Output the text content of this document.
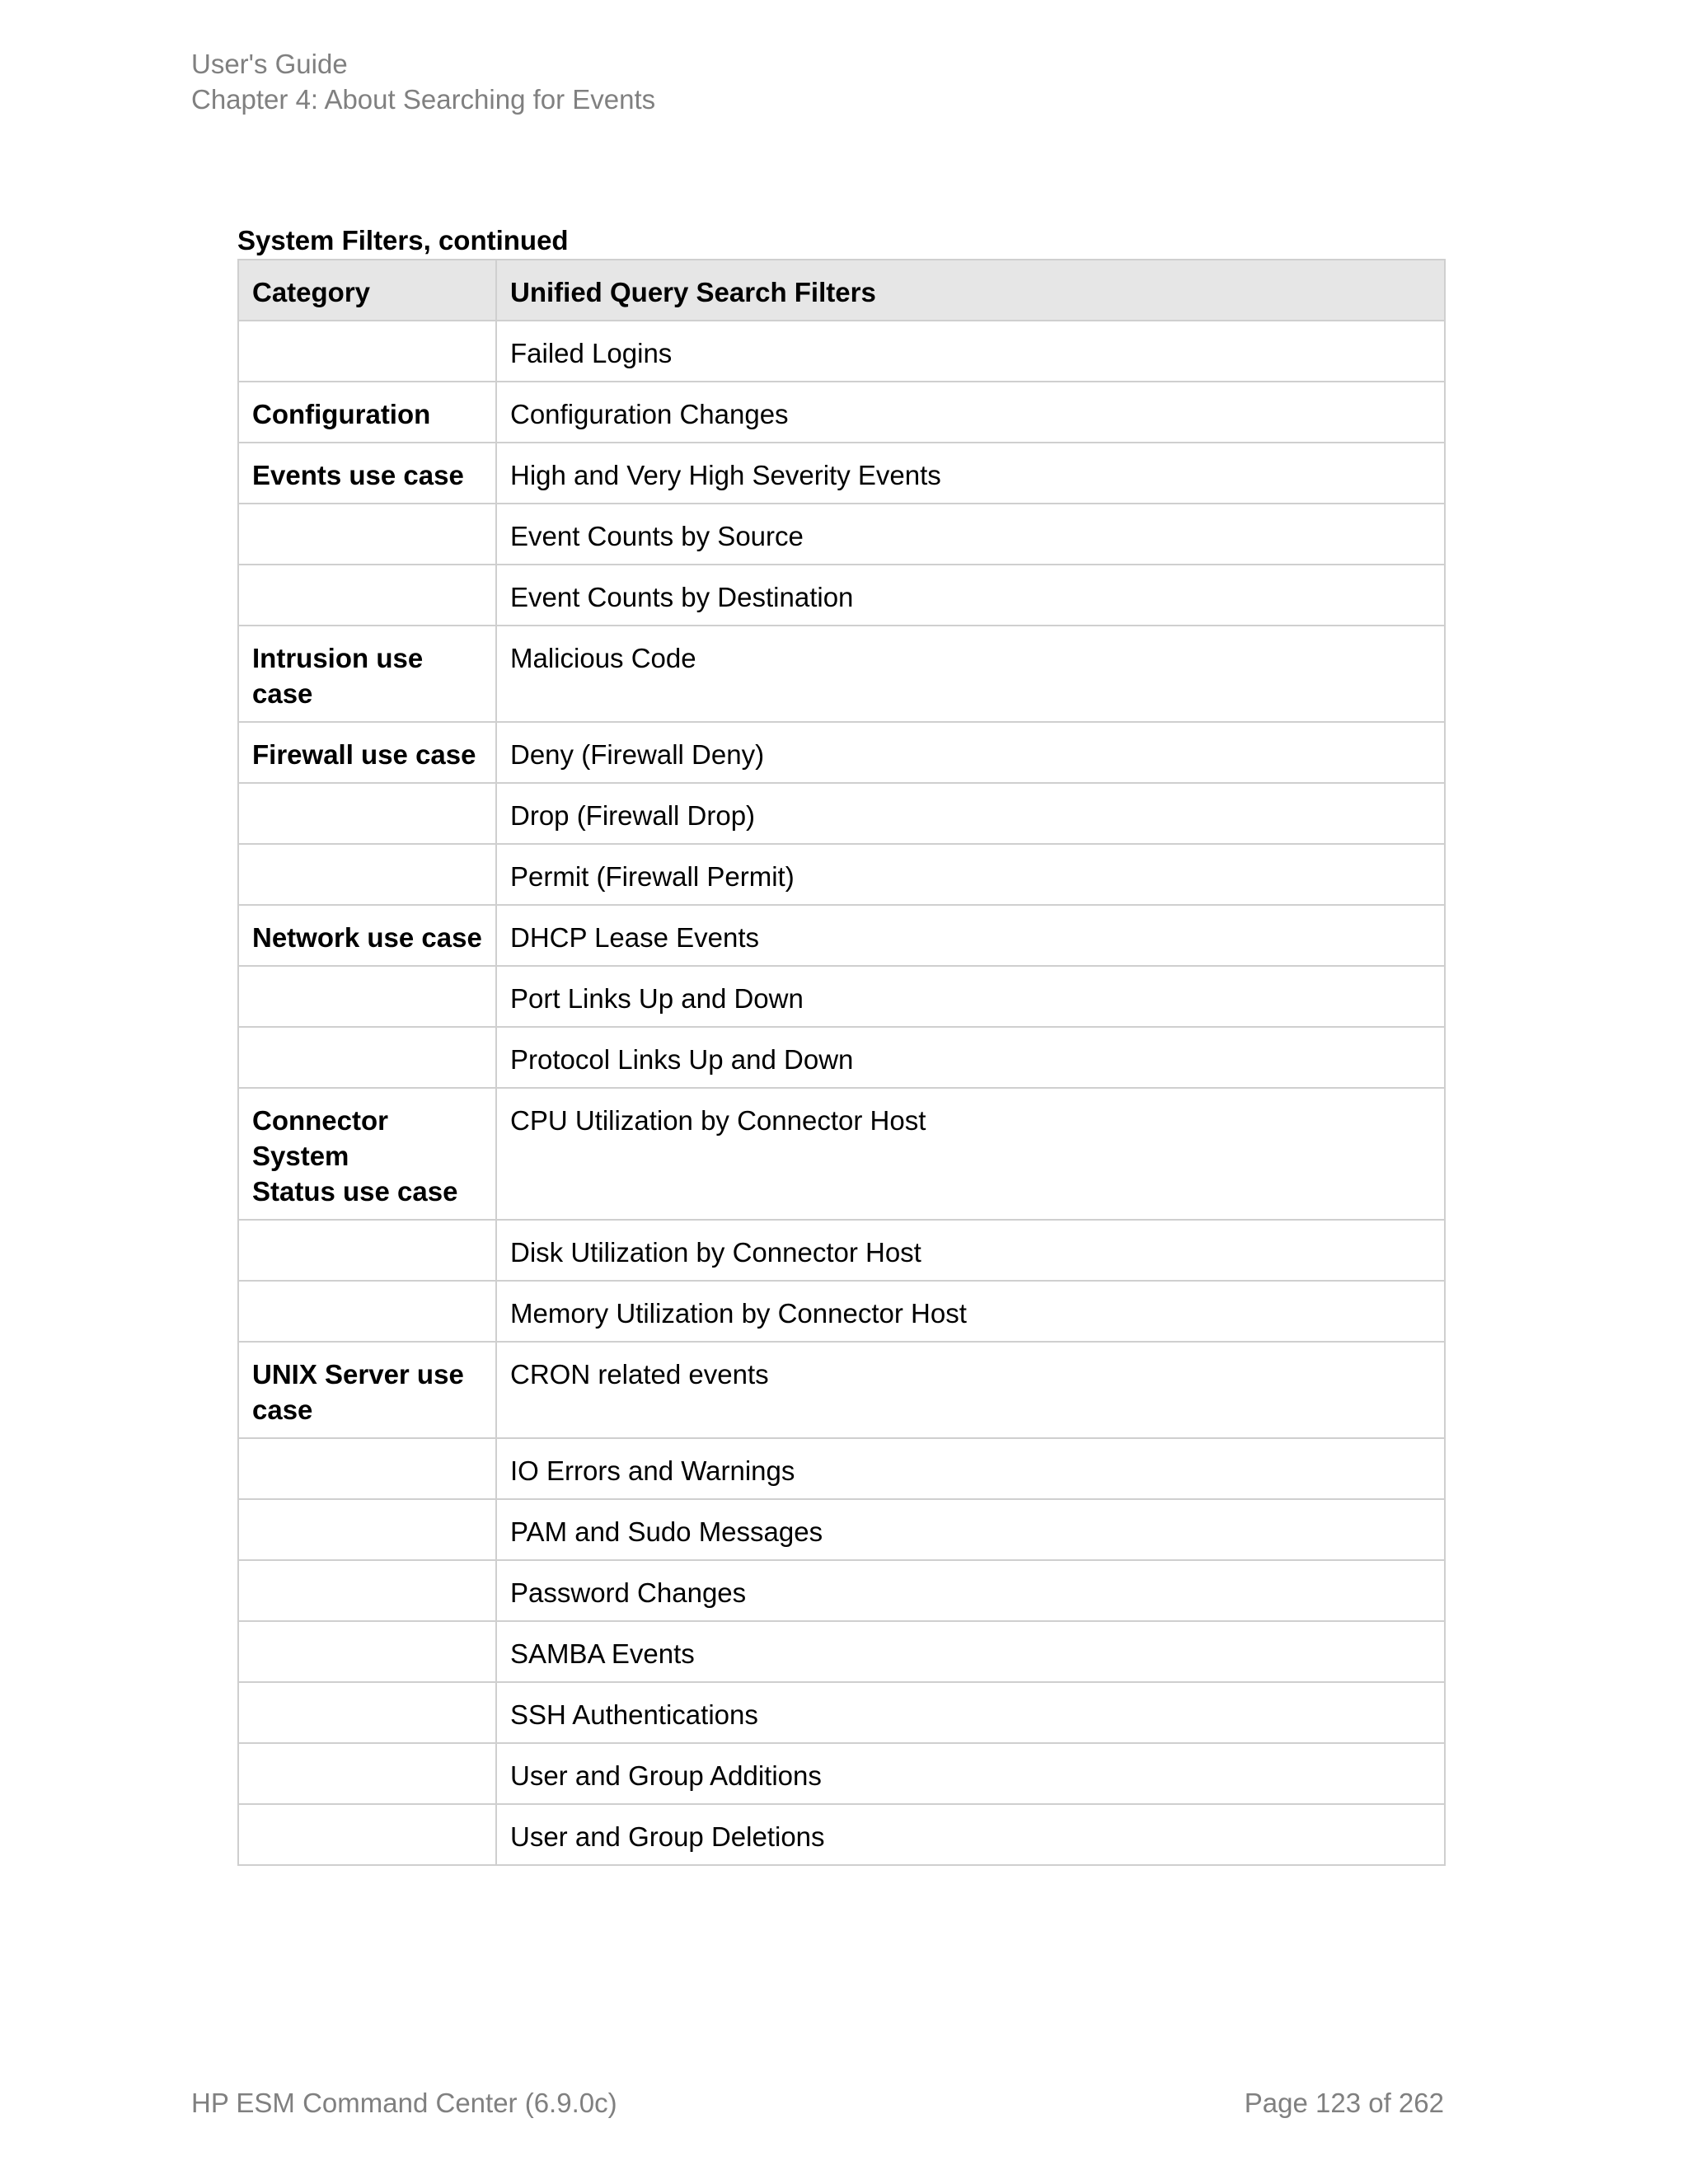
User's Guide
Chapter 4: About Searching for Events
System Filters, continued
Category	Unified Query Search Filters
	Failed Logins
Configuration	Configuration Changes
Events use case	High and Very High Severity Events
	Event Counts by Source
	Event Counts by Destination
Intrusion use case	Malicious Code
Firewall use case	Deny (Firewall Deny)
	Drop (Firewall Drop)
	Permit (Firewall Permit)
Network use case	DHCP Lease Events
	Port Links Up and Down
	Protocol Links Up and Down
Connector System
Status use case	CPU Utilization by Connector Host
	Disk Utilization by Connector Host
	Memory Utilization by Connector Host
UNIX Server use case	CRON related events
	IO Errors and Warnings
	PAM and Sudo Messages
	Password Changes
	SAMBA Events
	SSH Authentications
	User and Group Additions
	User and Group Deletions
HP ESM Command Center (6.9.0c)	Page 123 of 262
